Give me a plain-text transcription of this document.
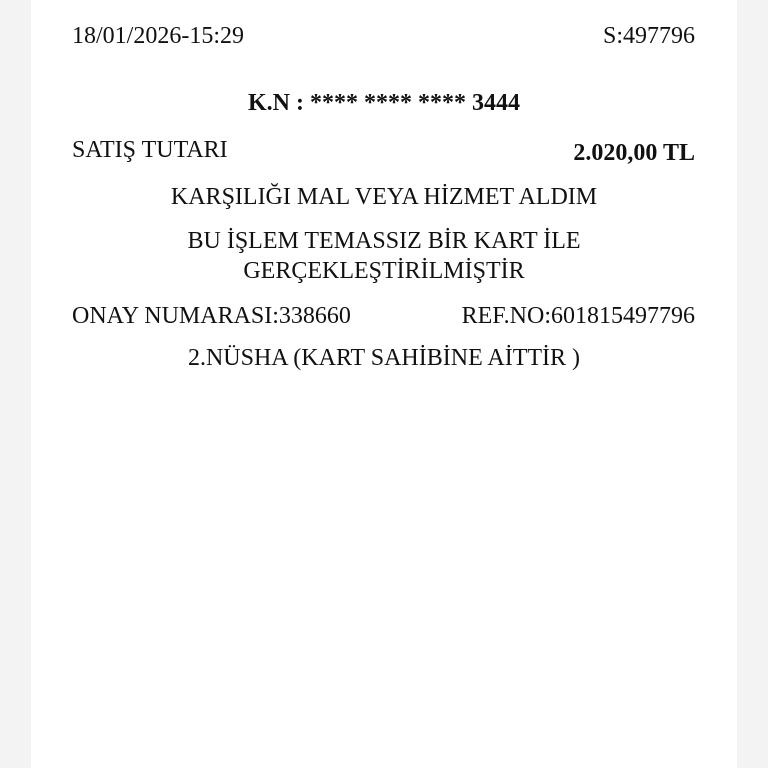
18/01/2026-15:29	S:497796
K.N : **** **** **** 3444
SATIŞ TUTARI	2.020,00 TL
KARŞILIĞI MAL VEYA HİZMET ALDIM
BU İŞLEM TEMASSIZ BİR KART İLE
GERÇEKLEŞTİRİLMİŞTİR
ONAY NUMARASI:338660	REF.NO:601815497796
2.NÜSHA (KART SAHİBİNE AİTTİR )
